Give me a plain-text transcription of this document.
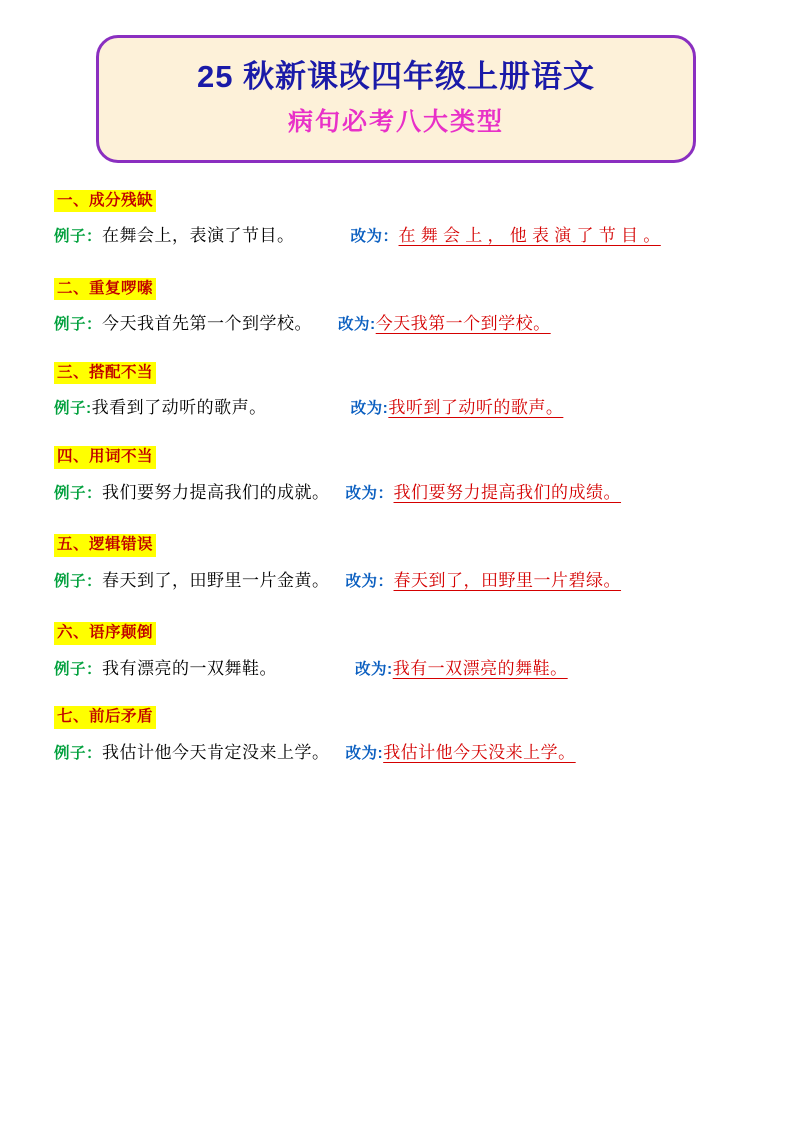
25 秋新课改四年级上册语文
病句必考八大类型
一、成分残缺
例子：在舞会上，表演了节目。	改为：在 舞 会 上 ， 他 表 演 了 节 目 。
二、重复啰嗦
例子：今天我首先第一个到学校。 改为:今天我第一个到学校。
三、搭配不当
例子:我看到了动听的歌声。	改为:我听到了动听的歌声。
四、用词不当
例子：我们要努力提高我们的成就。 改为：我们要努力提高我们的成绩。
五、逻辑错误
例子：春天到了，田野里一片金黄。 改为：春天到了，田野里一片碧绿。
六、语序颠倒
例子：我有漂亮的一双舞鞋。	改为:我有一双漂亮的舞鞋。
七、前后矛盾
例子：我估计他今天肯定没来上学。 改为:我估计他今天没来上学。
